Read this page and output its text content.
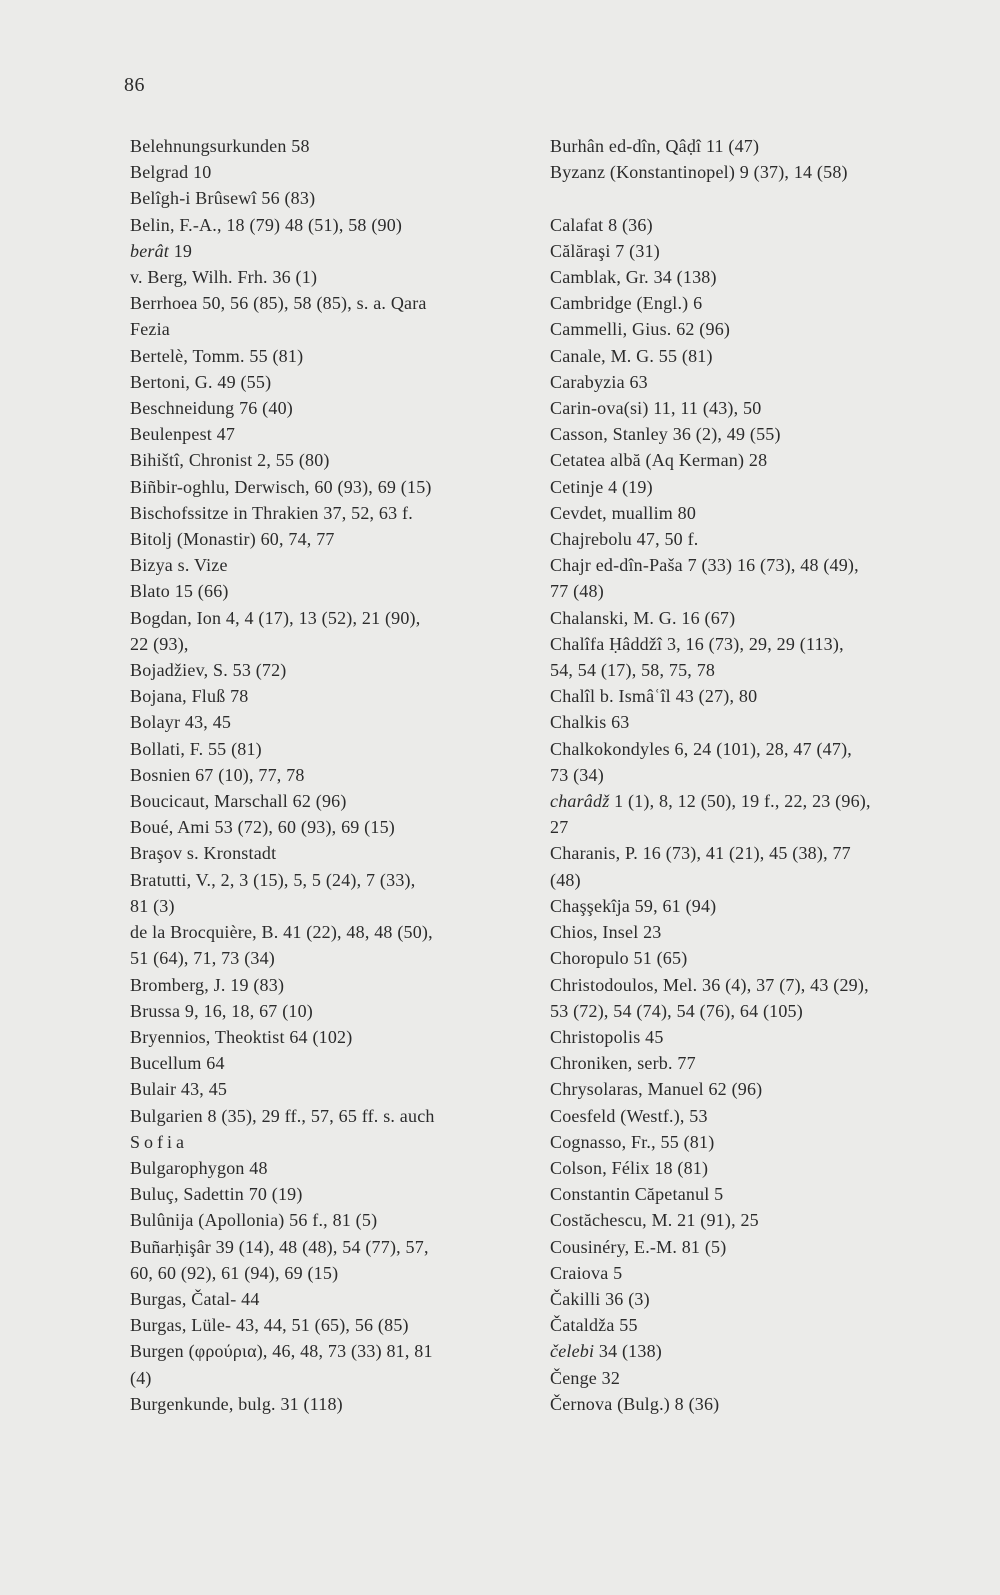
86
Belehnungsurkunden 58
Belgrad 10
Belîgh-i Brûsewî 56 (83)
Belin, F.-A., 18 (79) 48 (51), 58 (90)
berât 19
v. Berg, Wilh. Frh. 36 (1)
Berrhoea 50, 56 (85), 58 (85), s. a. Qara
Fezia
Bertelè, Tomm. 55 (81)
Bertoni, G. 49 (55)
Beschneidung 76 (40)
Beulenpest 47
Bihištî, Chronist 2, 55 (80)
Biñbir-oghlu, Derwisch, 60 (93), 69 (15)
Bischofssitze in Thrakien 37, 52, 63 f.
Bitolj (Monastir) 60, 74, 77
Bizya s. Vize
Blato 15 (66)
Bogdan, Ion 4, 4 (17), 13 (52), 21 (90),
22 (93),
Bojadžiev, S. 53 (72)
Bojana, Fluß 78
Bolayr 43, 45
Bollati, F. 55 (81)
Bosnien 67 (10), 77, 78
Boucicaut, Marschall 62 (96)
Boué, Ami 53 (72), 60 (93), 69 (15)
Braşov s. Kronstadt
Bratutti, V., 2, 3 (15), 5, 5 (24), 7 (33),
81 (3)
de la Brocquière, B. 41 (22), 48, 48 (50),
51 (64), 71, 73 (34)
Bromberg, J. 19 (83)
Brussa 9, 16, 18, 67 (10)
Bryennios, Theoktist 64 (102)
Bucellum 64
Bulair 43, 45
Bulgarien 8 (35), 29 ff., 57, 65 ff. s. auch
Sofia
Bulgarophygon 48
Buluç, Sadettin 70 (19)
Bulûnija (Apollonia) 56 f., 81 (5)
Buñarḥişâr 39 (14), 48 (48), 54 (77), 57,
60, 60 (92), 61 (94), 69 (15)
Burgas, Čatal- 44
Burgas, Lüle- 43, 44, 51 (65), 56 (85)
Burgen (φρούρια), 46, 48, 73 (33) 81, 81
(4)
Burgenkunde, bulg. 31 (118)
Burhân ed-dîn, Qâḍî 11 (47)
Byzanz (Konstantinopel) 9 (37), 14 (58)

Calafat 8 (36)
Călăraşi 7 (31)
Camblak, Gr. 34 (138)
Cambridge (Engl.) 6
Cammelli, Gius. 62 (96)
Canale, M. G. 55 (81)
Carabyzia 63
Carin-ova(si) 11, 11 (43), 50
Casson, Stanley 36 (2), 49 (55)
Cetatea albă (Aq Kerman) 28
Cetinje 4 (19)
Cevdet, muallim 80
Chajrebolu 47, 50 f.
Chajr ed-dîn-Paša 7 (33) 16 (73), 48 (49),
77 (48)
Chalanski, M. G. 16 (67)
Chalîfa Ḥâddžî 3, 16 (73), 29, 29 (113),
54, 54 (17), 58, 75, 78
Chalîl b. Ismâʿîl 43 (27), 80
Chalkis 63
Chalkokondyles 6, 24 (101), 28, 47 (47),
73 (34)
charâdž 1 (1), 8, 12 (50), 19 f., 22, 23 (96),
27
Charanis, P. 16 (73), 41 (21), 45 (38), 77
(48)
Chaşşekîja 59, 61 (94)
Chios, Insel 23
Choropulo 51 (65)
Christodoulos, Mel. 36 (4), 37 (7), 43 (29),
53 (72), 54 (74), 54 (76), 64 (105)
Christopolis 45
Chroniken, serb. 77
Chrysolaras, Manuel 62 (96)
Coesfeld (Westf.), 53
Cognasso, Fr., 55 (81)
Colson, Félix 18 (81)
Constantin Căpetanul 5
Costăchescu, M. 21 (91), 25
Cousinéry, E.-M. 81 (5)
Craiova 5
Čakilli 36 (3)
Čataldža 55
čelebi 34 (138)
Čenge 32
Černova (Bulg.) 8 (36)
